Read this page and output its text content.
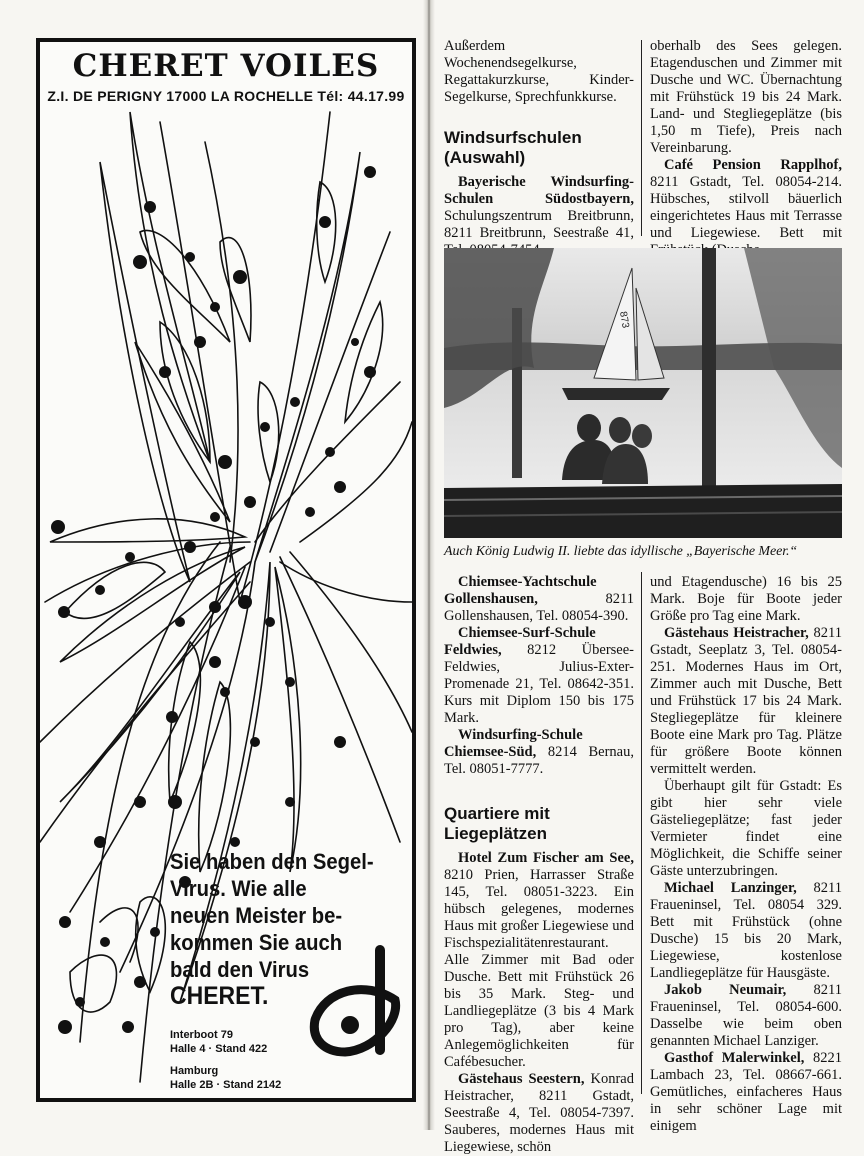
CHERET VOILES
Z.I. DE PERIGNY 17000 LA ROCHELLE Tél: 44.17.99
Sie haben den Segel-
Virus. Wie alle
neuen Meister be-
kommen Sie auch
bald den Virus
CHERET.
Interboot 79
Halle 4 · Stand 422
Hamburg
Halle 2B · Stand 2142

Außerdem Wochenendsegelkurse, Regattakurzkurse, Kinder-Segelkurse, Sprechfunkkurse.

Windsurfschulen (Auswahl)

Bayerische Windsurfing-Schulen Südostbayern, Schulungszentrum Breitbrunn, 8211 Breitbrunn, Seestraße 41,

oberhalb des Sees gelegen. Etagenduschen und Zimmer mit Dusche und WC. Übernachtung mit Frühstück 19 bis 24 Mark. Land- und Stegliegeplätze (bis 1,50 m Tiefe), Preis nach Vereinbarung.

Café Pension Rapplhof, 8211 Gstadt, Tel. 08054-214. Hübsches, stilvoll bäuerlich eingerichtetes Haus mit Terrasse und Liegewiese. Bett mit

873
Auch König Ludwig II. liebte das idyllische „Bayerische Meer.“

Chiemsee-Yachtschule Gollenshausen,	8211 Gollenshausen, Tel. 08054-390.

Chiemsee-Surf-Schule Feldwies, 8212 Übersee-Feldwies, Julius-Exter-Promenade 21, Tel. 08642-351. Kurs mit Diplom 150 bis 175 Mark.

Windsurfing-Schule Chiemsee-Süd, 8214 Bernau, Tel. 08051-7777.

Quartiere mit Liegeplätzen

Hotel Zum Fischer am See, 8210 Prien, Harrasser Straße 145, Tel. 08051-3223. Ein hübsch gelegenes, modernes Haus mit großer Liegewiese und Fischspezialitätenrestaurant. Alle Zimmer mit Bad oder Dusche. Bett mit Frühstück 26 bis 35 Mark. Steg- und Landliegeplätze (3 bis 4 Mark pro Tag), aber keine Anlegemöglichkeiten für Cafébesucher.

Gästehaus Seestern, Konrad Heistracher, 8211 Gstadt, Seestraße 4, Tel. 08054-7397. Sauberes, modernes Haus mit Liegewiese, schön

und Etagendusche) 16 bis 25 Mark. Boje für Boote jeder Größe pro Tag eine Mark.

Gästehaus Heistracher, 8211 Gstadt, Seeplatz 3, Tel. 08054-251. Modernes Haus im Ort, Zimmer auch mit Dusche, Bett und Frühstück 17 bis 24 Mark. Stegliegeplätze für kleinere Boote eine Mark pro Tag. Plätze für größere Boote können vermittelt werden.

Überhaupt gilt für Gstadt: Es gibt hier sehr viele Gästeliegeplätze; fast jeder Vermieter findet eine Möglichkeit, die Schiffe seiner Gäste unterzubringen.

Michael Lanzinger, 8211 Fraueninsel, Tel. 08054 329. Bett mit Frühstück (ohne Dusche) 15 bis 20 Mark, Liegewiese, kostenlose Landliegeplätze für Hausgäste.

Jakob Neumair, 8211 Fraueninsel, Tel. 08054-600. Dasselbe wie beim oben genannten Michael Lanziger.

Gasthof Malerwinkel, 8221 Lambach 23, Tel. 08667-661. Gemütliches, einfacheres Haus in sehr schöner Lage mit einigem
